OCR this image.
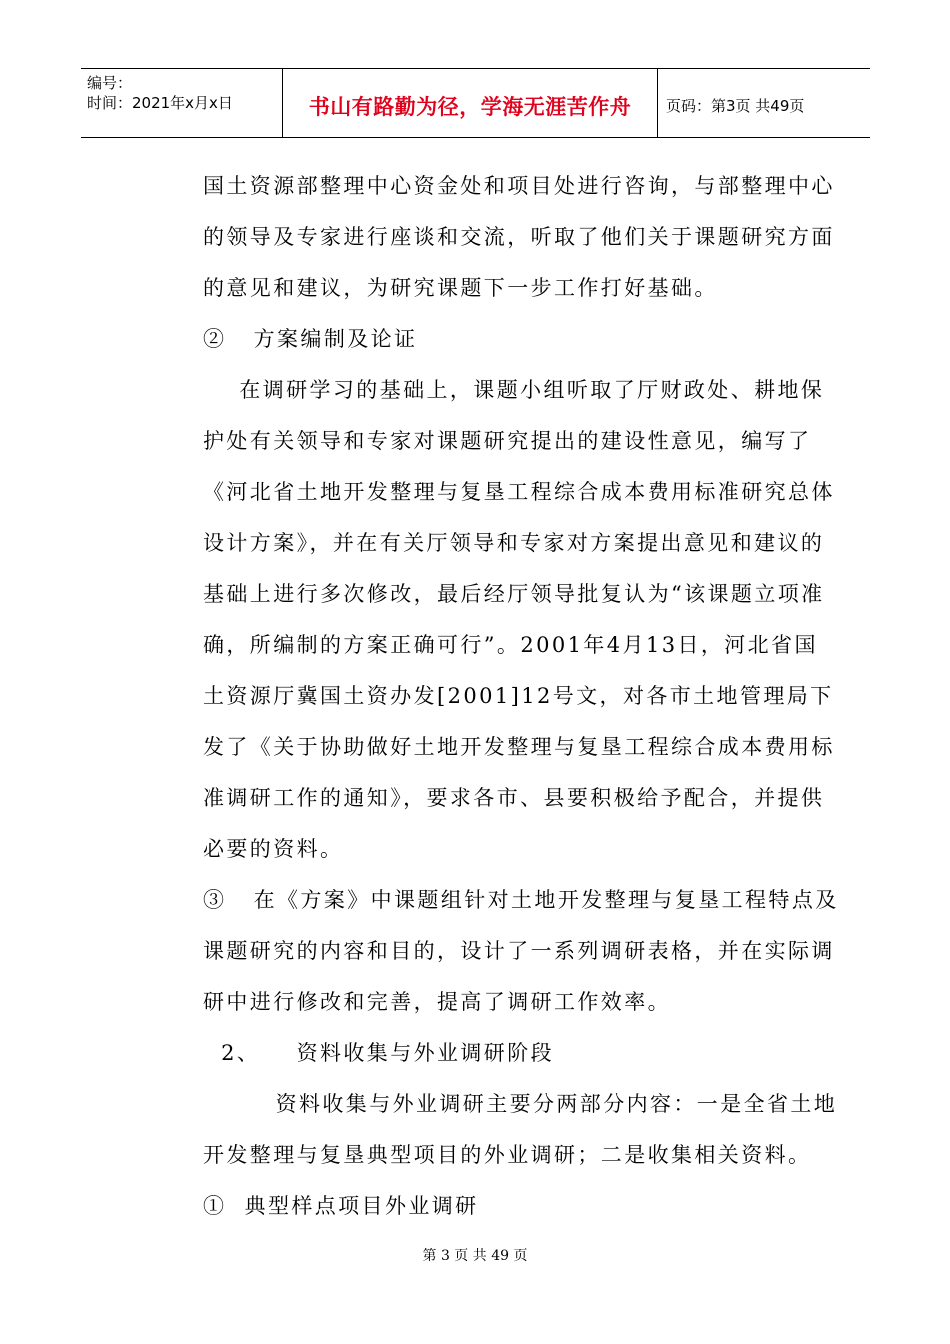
编号：
时间：2021年x月x日	书山有路勤为径，学海无涯苦作舟	页码：第3页 共49页
国土资源部整理中心资金处和项目处进行咨询，与部整理中心
的领导及专家进行座谈和交流，听取了他们关于课题研究方面
的意见和建议，为研究课题下一步工作打好基础。
②   方案编制及论证
在调研学习的基础上，课题小组听取了厅财政处、耕地保
护处有关领导和专家对课题研究提出的建设性意见，编写了
《河北省土地开发整理与复垦工程综合成本费用标准研究总体
设计方案》，并在有关厅领导和专家对方案提出意见和建议的
基础上进行多次修改，最后经厅领导批复认为“该课题立项准
确，所编制的方案正确可行”。2001年4月13日，河北省国
土资源厅冀国土资办发[2001]12号文，对各市土地管理局下
发了《关于协助做好土地开发整理与复垦工程综合成本费用标
准调研工作的通知》，要求各市、县要积极给予配合，并提供
必要的资料。
③   在《方案》中课题组针对土地开发整理与复垦工程特点及
课题研究的内容和目的，设计了一系列调研表格，并在实际调
研中进行修改和完善，提高了调研工作效率。
2、    资料收集与外业调研阶段
资料收集与外业调研主要分两部分内容：一是全省土地
开发整理与复垦典型项目的外业调研；二是收集相关资料。
①  典型样点项目外业调研
第 3 页 共 49 页
